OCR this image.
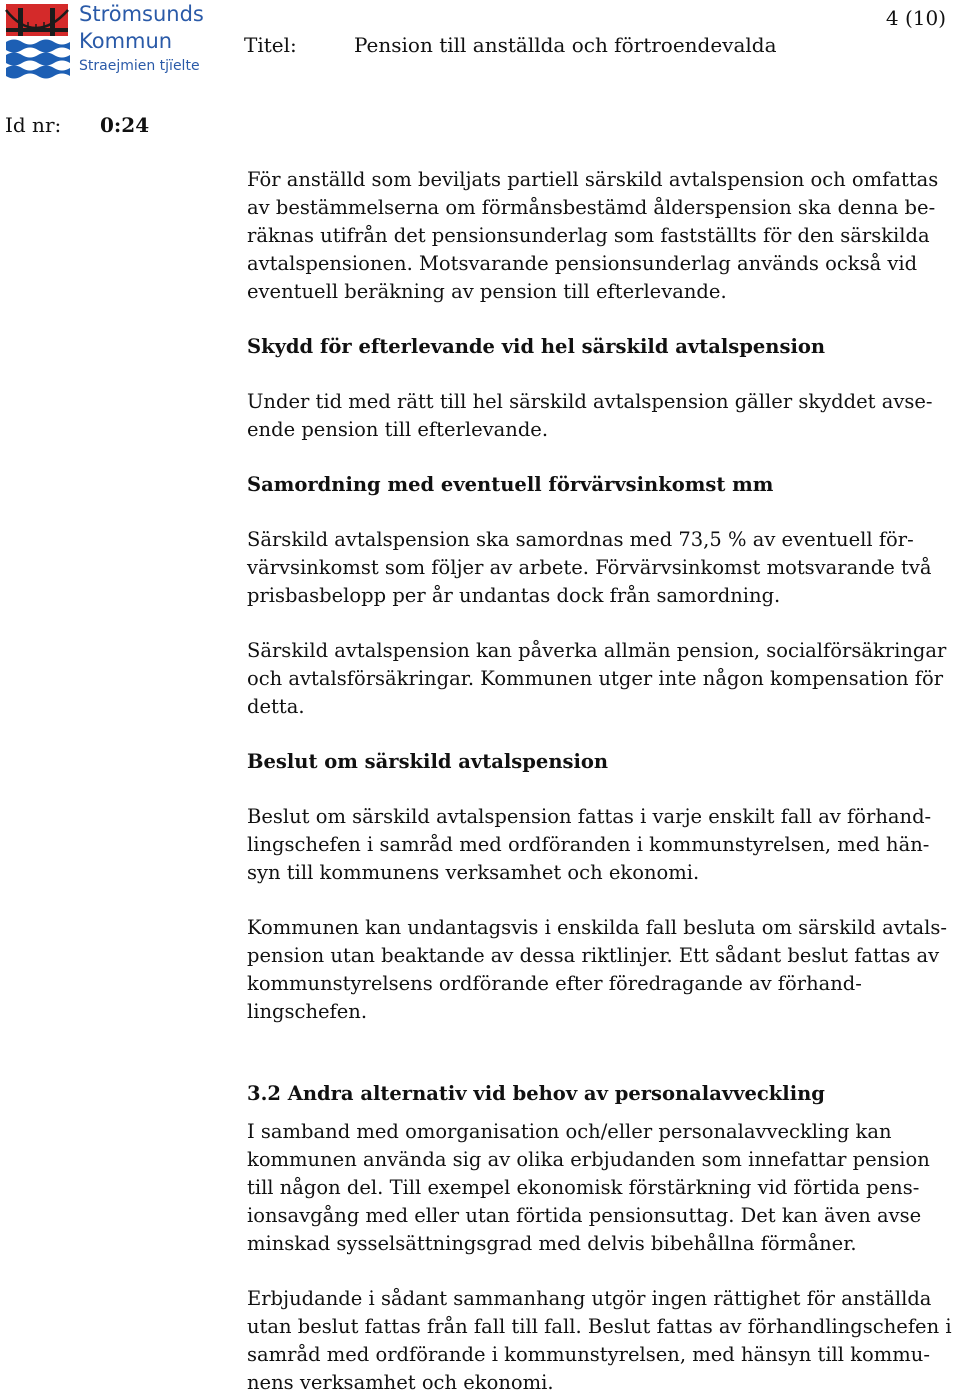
Strömsunds
Kommun
Straejmien tjïelte
Titel:	Pension till anställda och förtroendevalda
4 (10)
Id nr: 0:24

För anställd som beviljats partiell särskild avtalspension och omfattas
av bestämmelserna om förmånsbestämd ålderspension ska denna be-
räknas utifrån det pensionsunderlag som fastställts för den särskilda
avtalspensionen. Motsvarande pensionsunderlag används också vid
eventuell beräkning av pension till efterlevande.

Skydd för efterlevande vid hel särskild avtalspension

Under tid med rätt till hel särskild avtalspension gäller skyddet avse-
ende pension till efterlevande.

Samordning med eventuell förvärvsinkomst mm

Särskild avtalspension ska samordnas med 73,5 % av eventuell för-
värvsinkomst som följer av arbete. Förvärvsinkomst motsvarande två
prisbasbelopp per år undantas dock från samordning.

Särskild avtalspension kan påverka allmän pension, socialförsäkringar
och avtalsförsäkringar. Kommunen utger inte någon kompensation för
detta.

Beslut om särskild avtalspension

Beslut om särskild avtalspension fattas i varje enskilt fall av förhand-
lingschefen i samråd med ordföranden i kommunstyrelsen, med hän-
syn till kommunens verksamhet och ekonomi.

Kommunen kan undantagsvis i enskilda fall besluta om särskild avtals-
pension utan beaktande av dessa riktlinjer. Ett sådant beslut fattas av
kommunstyrelsens ordförande efter föredragande av förhand-
lingschefen.

3.2 Andra alternativ vid behov av personalavveckling

I samband med omorganisation och/eller personalavveckling kan
kommunen använda sig av olika erbjudanden som innefattar pension
till någon del. Till exempel ekonomisk förstärkning vid förtida pens-
ionsavgång med eller utan förtida pensionsuttag. Det kan även avse
minskad sysselsättningsgrad med delvis bibehållna förmåner.

Erbjudande i sådant sammanhang utgör ingen rättighet för anställda
utan beslut fattas från fall till fall. Beslut fattas av förhandlingschefen i
samråd med ordförande i kommunstyrelsen, med hänsyn till kommu-
nens verksamhet och ekonomi.
